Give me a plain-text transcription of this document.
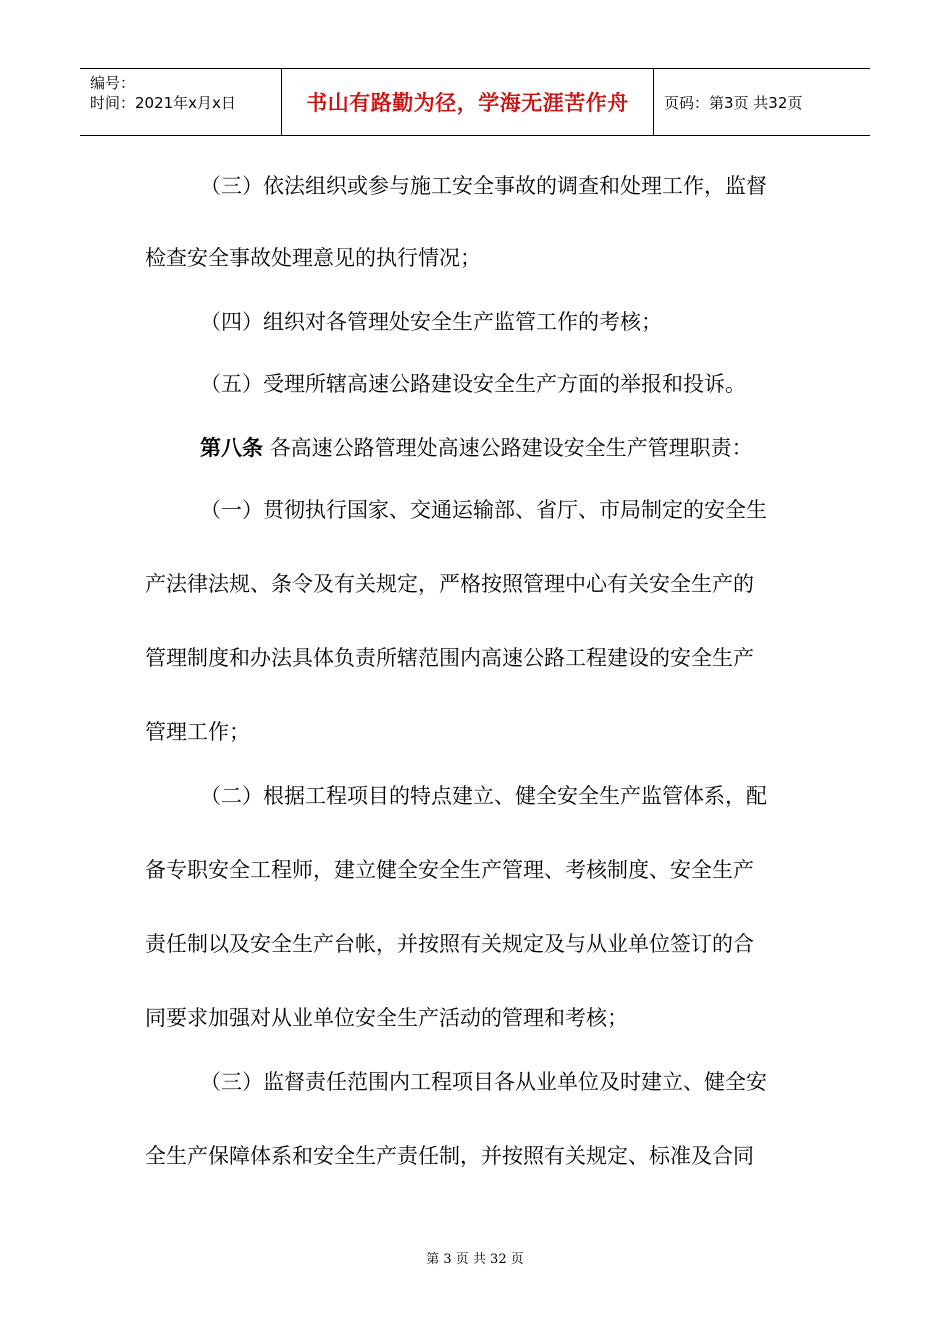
编号：
时间：2021年x月x日	书山有路勤为径，学海无涯苦作舟	页码：第3页 共32页
（三）依法组织或参与施工安全事故的调查和处理工作，监督
检查安全事故处理意见的执行情况；
（四）组织对各管理处安全生产监管工作的考核；
（五）受理所辖高速公路建设安全生产方面的举报和投诉。
第八条 各高速公路管理处高速公路建设安全生产管理职责：
（一）贯彻执行国家、交通运输部、省厅、市局制定的安全生
产法律法规、条令及有关规定，严格按照管理中心有关安全生产的
管理制度和办法具体负责所辖范围内高速公路工程建设的安全生产
管理工作；
（二）根据工程项目的特点建立、健全安全生产监管体系，配
备专职安全工程师，建立健全安全生产管理、考核制度、安全生产
责任制以及安全生产台帐，并按照有关规定及与从业单位签订的合
同要求加强对从业单位安全生产活动的管理和考核；
（三）监督责任范围内工程项目各从业单位及时建立、健全安
全生产保障体系和安全生产责任制，并按照有关规定、标准及合同
第 3 页 共 32 页
